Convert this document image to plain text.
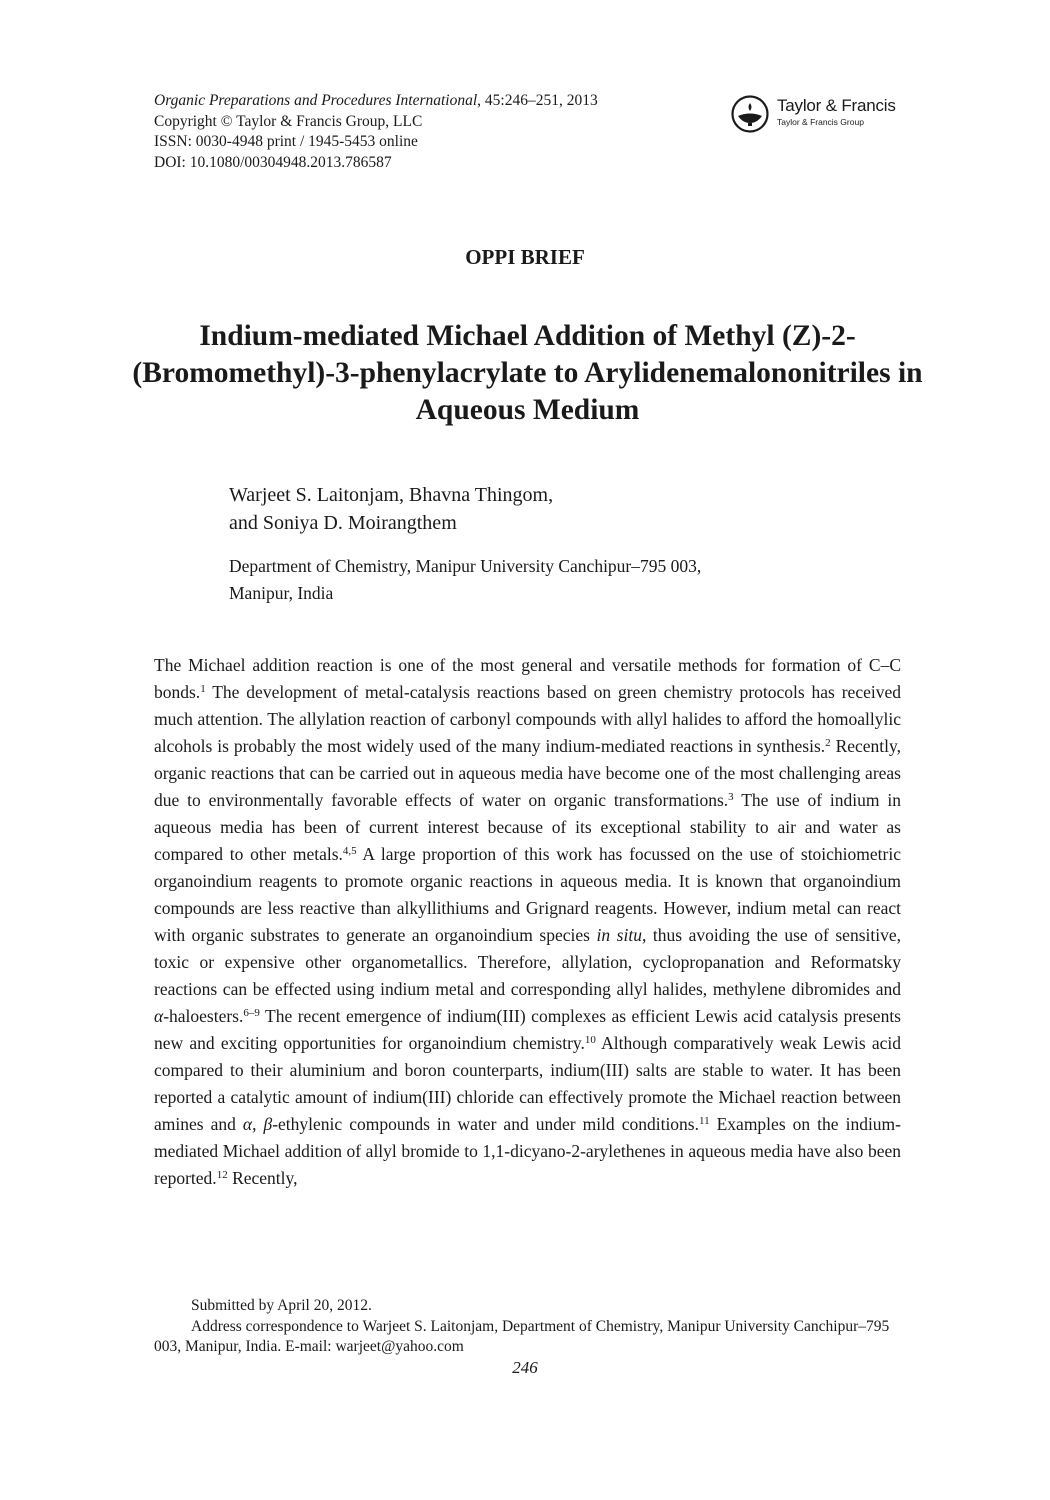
Organic Preparations and Procedures International, 45:246–251, 2013
Copyright © Taylor & Francis Group, LLC
ISSN: 0030-4948 print / 1945-5453 online
DOI: 10.1080/00304948.2013.786587
Taylor & Francis
Taylor & Francis Group
OPPI BRIEF
Indium-mediated Michael Addition of Methyl (Z)-2-(Bromomethyl)-3-phenylacrylate to Arylidenemalononitriles in Aqueous Medium
Warjeet S. Laitonjam, Bhavna Thingom,
and Soniya D. Moirangthem
Department of Chemistry, Manipur University Canchipur–795 003,
Manipur, India

The Michael addition reaction is one of the most general and versatile methods for formation of C–C bonds.$^1$ The development of metal-catalysis reactions based on green chemistry protocols has received much attention. The allylation reaction of carbonyl compounds with allyl halides to afford the homoallylic alcohols is probably the most widely used of the many indium-mediated reactions in synthesis.$^2$ Recently, organic reactions that can be carried out in aqueous media have become one of the most challenging areas due to environmentally favorable effects of water on organic transformations.$^3$ The use of indium in aqueous media has been of current interest because of its exceptional stability to air and water as compared to other metals.$^{4,5}$ A large proportion of this work has focussed on the use of stoichiometric organoindium reagents to promote organic reactions in aqueous media. It is known that organoindium compounds are less reactive than alkyllithiums and Grignard reagents. However, indium metal can react with organic substrates to generate an organoindium species in situ, thus avoiding the use of sensitive, toxic or expensive other organometallics. Therefore, allylation, cyclopropanation and Reformatsky reactions can be effected using indium metal and corresponding allyl halides, methylene dibromides and α-haloesters.$^{6-9}$ The recent emergence of indium(III) complexes as efficient Lewis acid catalysis presents new and exciting opportunities for organoindium chemistry.$^{10}$ Although comparatively weak Lewis acid compared to their aluminium and boron counterparts, indium(III) salts are stable to water. It has been reported a catalytic amount of indium(III) chloride can effectively promote the Michael reaction between amines and α, β-ethylenic compounds in water and under mild conditions.$^{11}$ Examples on the indium-mediated Michael addition of allyl bromide to 1,1-dicyano-2-arylethenes in aqueous media have also been reported.$^{12}$ Recently,

Submitted by April 20, 2012.

Address correspondence to Warjeet S. Laitonjam, Department of Chemistry, Manipur University Canchipur–795 003, Manipur, India. E-mail: warjeet@yahoo.com

246
